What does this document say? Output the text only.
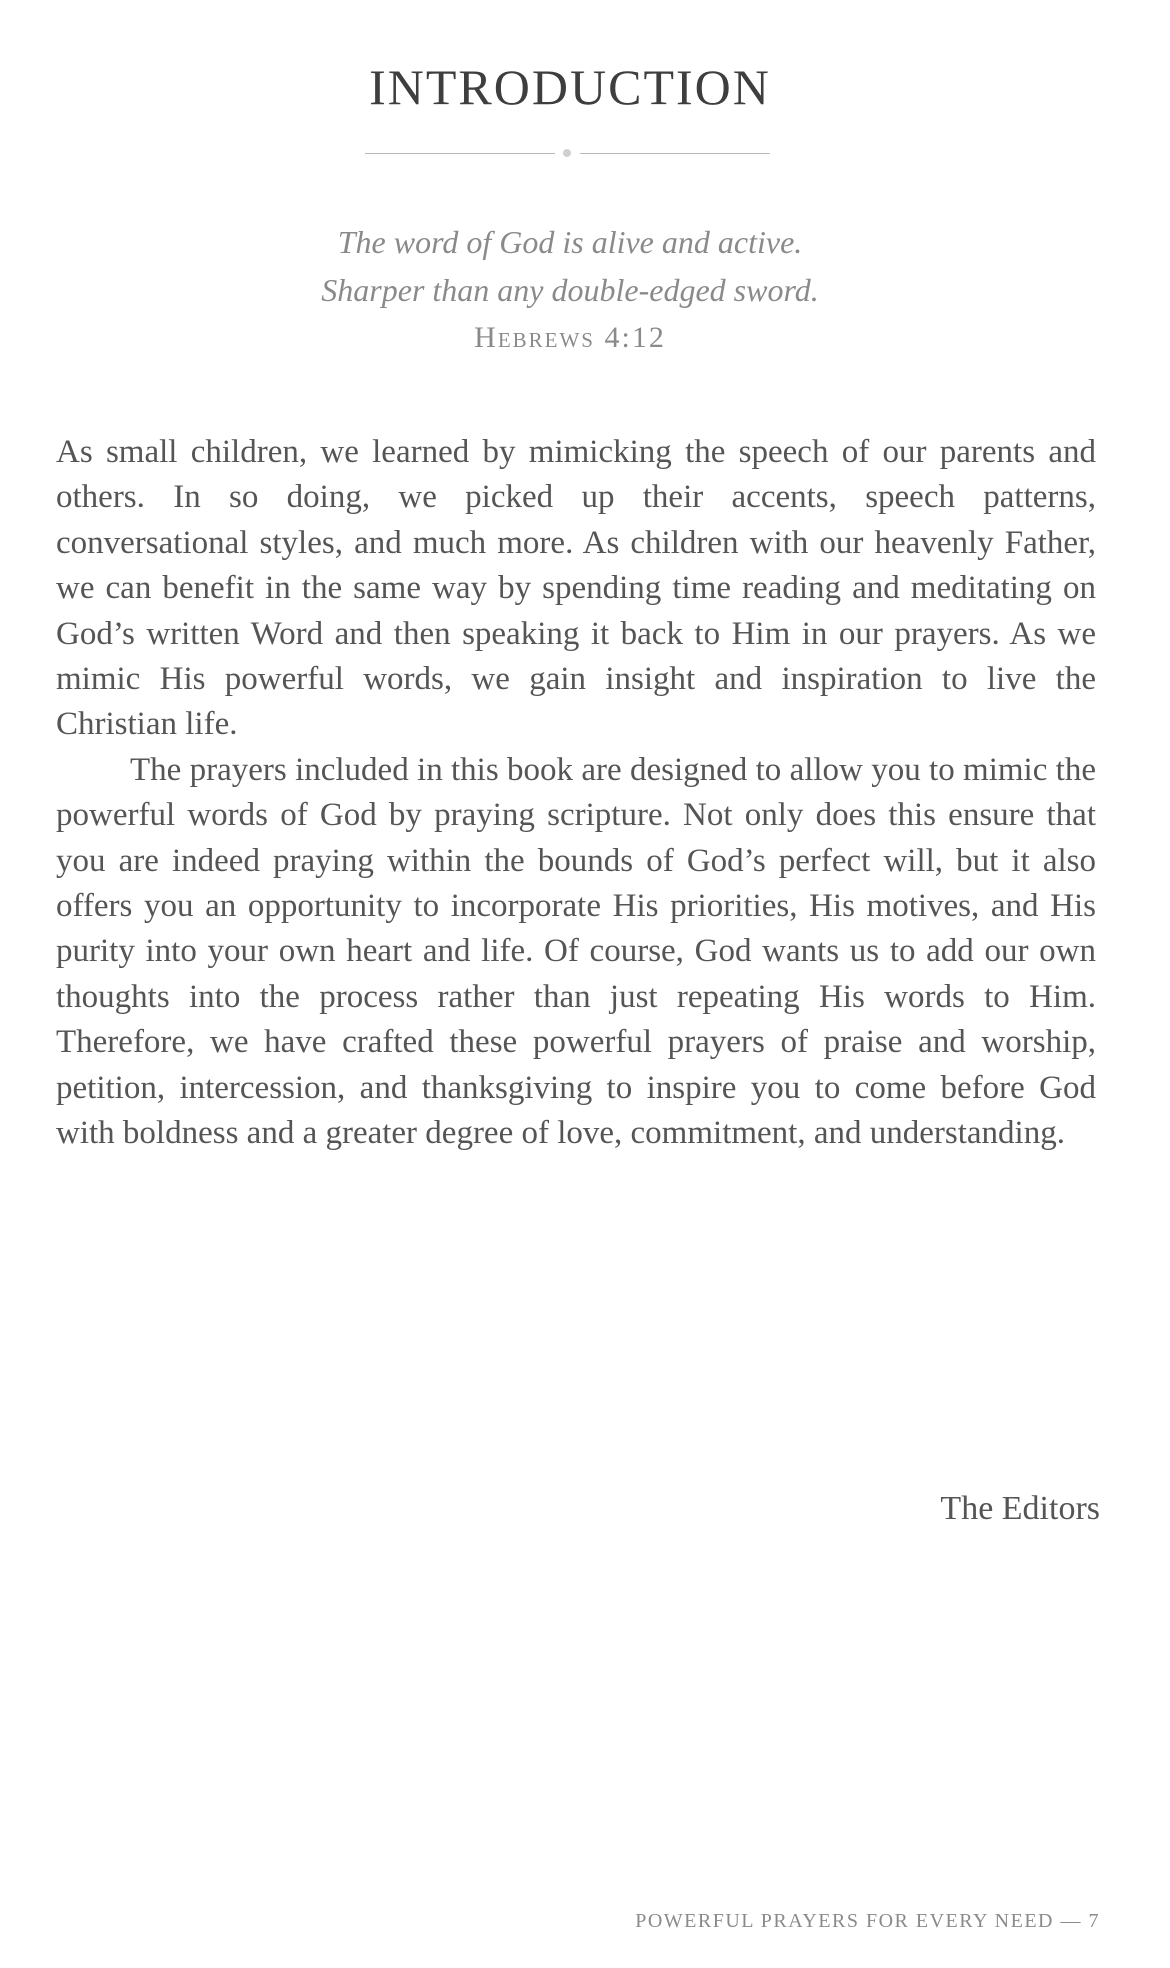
INTRODUCTION
The word of God is alive and active.
Sharper than any double-edged sword.
Hebrews 4:12

As small children, we learned by mimicking the speech of our parents and others. In so doing, we picked up their accents, speech patterns, conversational styles, and much more. As children with our heavenly Father, we can benefit in the same way by spending time reading and meditating on God’s written Word and then speaking it back to Him in our prayers. As we mimic His powerful words, we gain insight and inspiration to live the Christian life.

The prayers included in this book are designed to allow you to mimic the powerful words of God by praying scripture. Not only does this ensure that you are indeed praying within the bounds of God’s perfect will, but it also offers you an opportunity to incorporate His priorities, His motives, and His purity into your own heart and life. Of course, God wants us to add our own thoughts into the process rather than just repeating His words to Him. Therefore, we have crafted these powerful prayers of praise and worship, petition, intercession, and thanksgiving to inspire you to come before God with boldness and a greater degree of love, commitment, and understanding.

The Editors
POWERFUL PRAYERS FOR EVERY NEED — 7
